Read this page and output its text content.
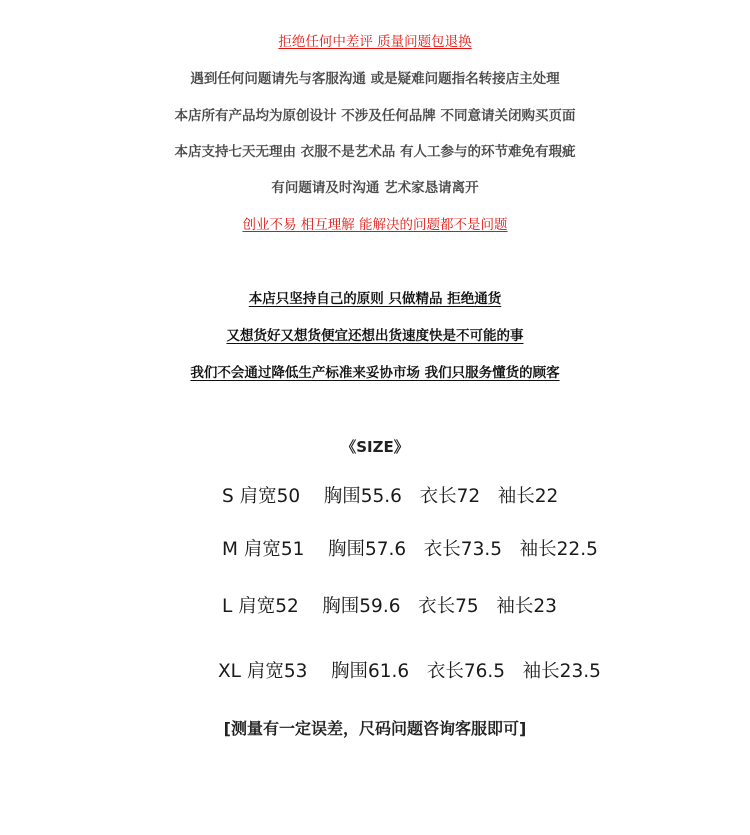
拒绝任何中差评 质量问题包退换
遇到任何问题请先与客服沟通 或是疑难问题指名转接店主处理
本店所有产品均为原创设计 不涉及任何品牌 不同意请关闭购买页面
本店支持七天无理由 衣服不是艺术品 有人工参与的环节难免有瑕疵
有问题请及时沟通 艺术家恳请离开
创业不易 相互理解 能解决的问题都不是问题
本店只坚持自己的原则 只做精品 拒绝通货
又想货好又想货便宜还想出货速度快是不可能的事
我们不会通过降低生产标准来妥协市场 我们只服务懂货的顾客
《SIZE》
S 肩宽50 胸围55.6 衣长72 袖长22
M 肩宽51 胸围57.6 衣长73.5 袖长22.5
L 肩宽52 胸围59.6 衣长75 袖长23
XL 肩宽53 胸围61.6 衣长76.5 袖长23.5
[测量有一定误差，尺码问题咨询客服即可]
